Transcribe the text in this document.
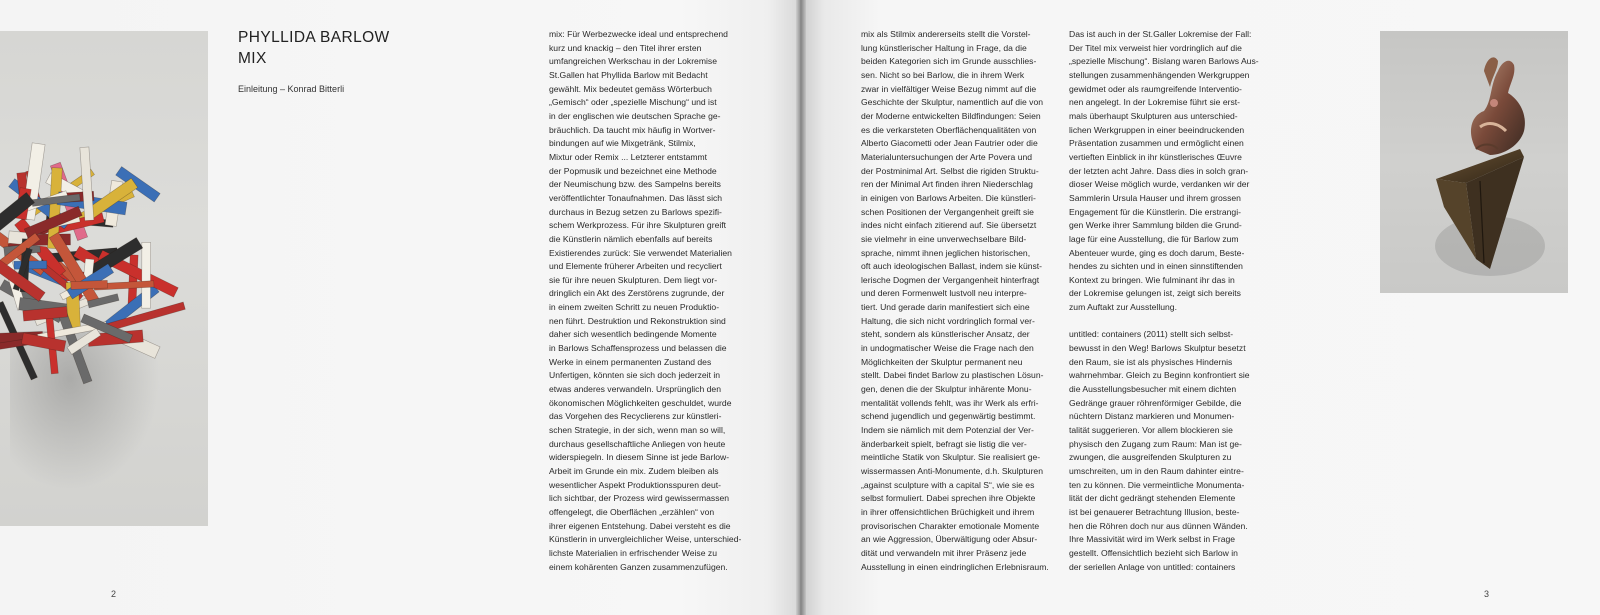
PHYLLIDA BARLOW
MIX

Einleitung – Konrad Bitterli

mix: Für Werbezwecke ideal und entsprechend
kurz und knackig – den Titel ihrer ersten
umfangreichen Werkschau in der Lokremise
St.Gallen hat Phyllida Barlow mit Bedacht
gewählt. Mix bedeutet gemäss Wörterbuch
„Gemisch“ oder „spezielle Mischung“ und ist
in der englischen wie deutschen Sprache ge-
bräuchlich. Da taucht mix häufig in Wortver-
bindungen auf wie Mixgetränk, Stilmix,
Mixtur oder Remix ... Letzterer entstammt
der Popmusik und bezeichnet eine Methode
der Neumischung bzw. des Sampelns bereits
veröffentlichter Tonaufnahmen. Das lässt sich
durchaus in Bezug setzen zu Barlows spezifi-
schem Werkprozess. Für ihre Skulpturen greift
die Künstlerin nämlich ebenfalls auf bereits
Existierendes zurück: Sie verwendet Materialien
und Elemente früherer Arbeiten und recycliert
sie für ihre neuen Skulpturen. Dem liegt vor-
dringlich ein Akt des Zerstörens zugrunde, der
in einem zweiten Schritt zu neuen Produktio-
nen führt. Destruktion und Rekonstruktion sind
daher sich wesentlich bedingende Momente
in Barlows Schaffensprozess und belassen die
Werke in einem permanenten Zustand des
Unfertigen, könnten sie sich doch jederzeit in
etwas anderes verwandeln. Ursprünglich den
ökonomischen Möglichkeiten geschuldet, wurde
das Vorgehen des Recyclierens zur künstleri-
schen Strategie, in der sich, wenn man so will,
durchaus gesellschaftliche Anliegen von heute
widerspiegeln. In diesem Sinne ist jede Barlow-
Arbeit im Grunde ein mix. Zudem bleiben als
wesentlicher Aspekt Produktionsspuren deut-
lich sichtbar, der Prozess wird gewissermassen
offengelegt, die Oberflächen „erzählen“ von
ihrer eigenen Entstehung. Dabei versteht es die
Künstlerin in unvergleichlicher Weise, unterschied-
lichste Materialien in erfrischender Weise zu
einem kohärenten Ganzen zusammenzufügen.

mix als Stilmix andererseits stellt die Vorstel-
lung künstlerischer Haltung in Frage, da die
beiden Kategorien sich im Grunde ausschlies-
sen. Nicht so bei Barlow, die in ihrem Werk
zwar in vielfältiger Weise Bezug nimmt auf die
Geschichte der Skulptur, namentlich auf die von
der Moderne entwickelten Bildfindungen: Seien
es die verkarsteten Oberflächenqualitäten von
Alberto Giacometti oder Jean Fautrier oder die
Materialuntersuchungen der Arte Povera und
der Postminimal Art. Selbst die rigiden Struktu-
ren der Minimal Art finden ihren Niederschlag
in einigen von Barlows Arbeiten. Die künstleri-
schen Positionen der Vergangenheit greift sie
indes nicht einfach zitierend auf. Sie übersetzt
sie vielmehr in eine unverwechselbare Bild-
sprache, nimmt ihnen jeglichen historischen,
oft auch ideologischen Ballast, indem sie künst-
lerische Dogmen der Vergangenheit hinterfragt
und deren Formenwelt lustvoll neu interpre-
tiert. Und gerade darin manifestiert sich eine
Haltung, die sich nicht vordringlich formal ver-
steht, sondern als künstlerischer Ansatz, der
in undogmatischer Weise die Frage nach den
Möglichkeiten der Skulptur permanent neu
stellt. Dabei findet Barlow zu plastischen Lösun-
gen, denen die der Skulptur inhärente Monu-
mentalität vollends fehlt, was ihr Werk als erfri-
schend jugendlich und gegenwärtig bestimmt.
Indem sie nämlich mit dem Potenzial der Ver-
änderbarkeit spielt, befragt sie listig die ver-
meintliche Statik von Skulptur. Sie realisiert ge-
wissermassen Anti-Monumente, d.h. Skulpturen
„against sculpture with a capital S“, wie sie es
selbst formuliert. Dabei sprechen ihre Objekte
in ihrer offensichtlichen Brüchigkeit und ihrem
provisorischen Charakter emotionale Momente
an wie Aggression, Überwältigung oder Absur-
dität und verwandeln mit ihrer Präsenz jede
Ausstellung in einen eindringlichen Erlebnisraum.

Das ist auch in der St.Galler Lokremise der Fall:
Der Titel mix verweist hier vordringlich auf die
„spezielle Mischung“. Bislang waren Barlows Aus-
stellungen zusammenhängenden Werkgruppen
gewidmet oder als raumgreifende Interventio-
nen angelegt. In der Lokremise führt sie erst-
mals überhaupt Skulpturen aus unterschied-
lichen Werkgruppen in einer beeindruckenden
Präsentation zusammen und ermöglicht einen
vertieften Einblick in ihr künstlerisches Œuvre
der letzten acht Jahre. Dass dies in solch gran-
dioser Weise möglich wurde, verdanken wir der
Sammlerin Ursula Hauser und ihrem grossen
Engagement für die Künstlerin. Die erstrangi-
gen Werke ihrer Sammlung bilden die Grund-
lage für eine Ausstellung, die für Barlow zum
Abenteuer wurde, ging es doch darum, Beste-
hendes zu sichten und in einen sinnstiftenden
Kontext zu bringen. Wie fulminant ihr das in
der Lokremise gelungen ist, zeigt sich bereits
zum Auftakt zur Ausstellung.

untitled: containers (2011) stellt sich selbst-
bewusst in den Weg! Barlows Skulptur besetzt
den Raum, sie ist als physisches Hindernis
wahrnehmbar. Gleich zu Beginn konfrontiert sie
die Ausstellungsbesucher mit einem dichten
Gedränge grauer röhrenförmiger Gebilde, die
nüchtern Distanz markieren und Monumen-
talität suggerieren. Vor allem blockieren sie
physisch den Zugang zum Raum: Man ist ge-
zwungen, die ausgreifenden Skulpturen zu
umschreiten, um in den Raum dahinter eintre-
ten zu können. Die vermeintliche Monumenta-
lität der dicht gedrängt stehenden Elemente
ist bei genauerer Betrachtung Illusion, beste-
hen die Röhren doch nur aus dünnen Wänden.
Ihre Massivität wird im Werk selbst in Frage
gestellt. Offensichtlich bezieht sich Barlow in
der seriellen Anlage von untitled: containers

2	3
